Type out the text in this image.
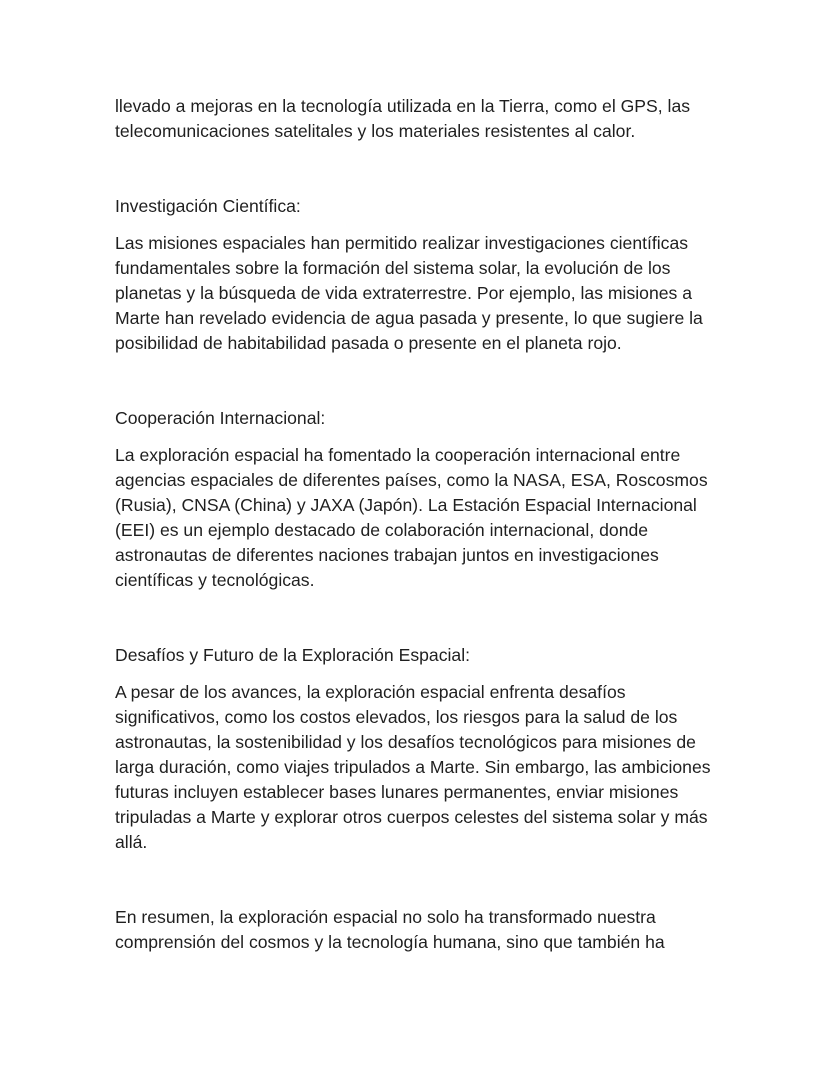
llevado a mejoras en la tecnología utilizada en la Tierra, como el GPS, las telecomunicaciones satelitales y los materiales resistentes al calor.

Investigación Científica:

Las misiones espaciales han permitido realizar investigaciones científicas fundamentales sobre la formación del sistema solar, la evolución de los planetas y la búsqueda de vida extraterrestre. Por ejemplo, las misiones a Marte han revelado evidencia de agua pasada y presente, lo que sugiere la posibilidad de habitabilidad pasada o presente en el planeta rojo.

Cooperación Internacional:

La exploración espacial ha fomentado la cooperación internacional entre agencias espaciales de diferentes países, como la NASA, ESA, Roscosmos (Rusia), CNSA (China) y JAXA (Japón). La Estación Espacial Internacional (EEI) es un ejemplo destacado de colaboración internacional, donde astronautas de diferentes naciones trabajan juntos en investigaciones científicas y tecnológicas.

Desafíos y Futuro de la Exploración Espacial:

A pesar de los avances, la exploración espacial enfrenta desafíos significativos, como los costos elevados, los riesgos para la salud de los astronautas, la sostenibilidad y los desafíos tecnológicos para misiones de larga duración, como viajes tripulados a Marte. Sin embargo, las ambiciones futuras incluyen establecer bases lunares permanentes, enviar misiones tripuladas a Marte y explorar otros cuerpos celestes del sistema solar y más allá.

En resumen, la exploración espacial no solo ha transformado nuestra comprensión del cosmos y la tecnología humana, sino que también ha
